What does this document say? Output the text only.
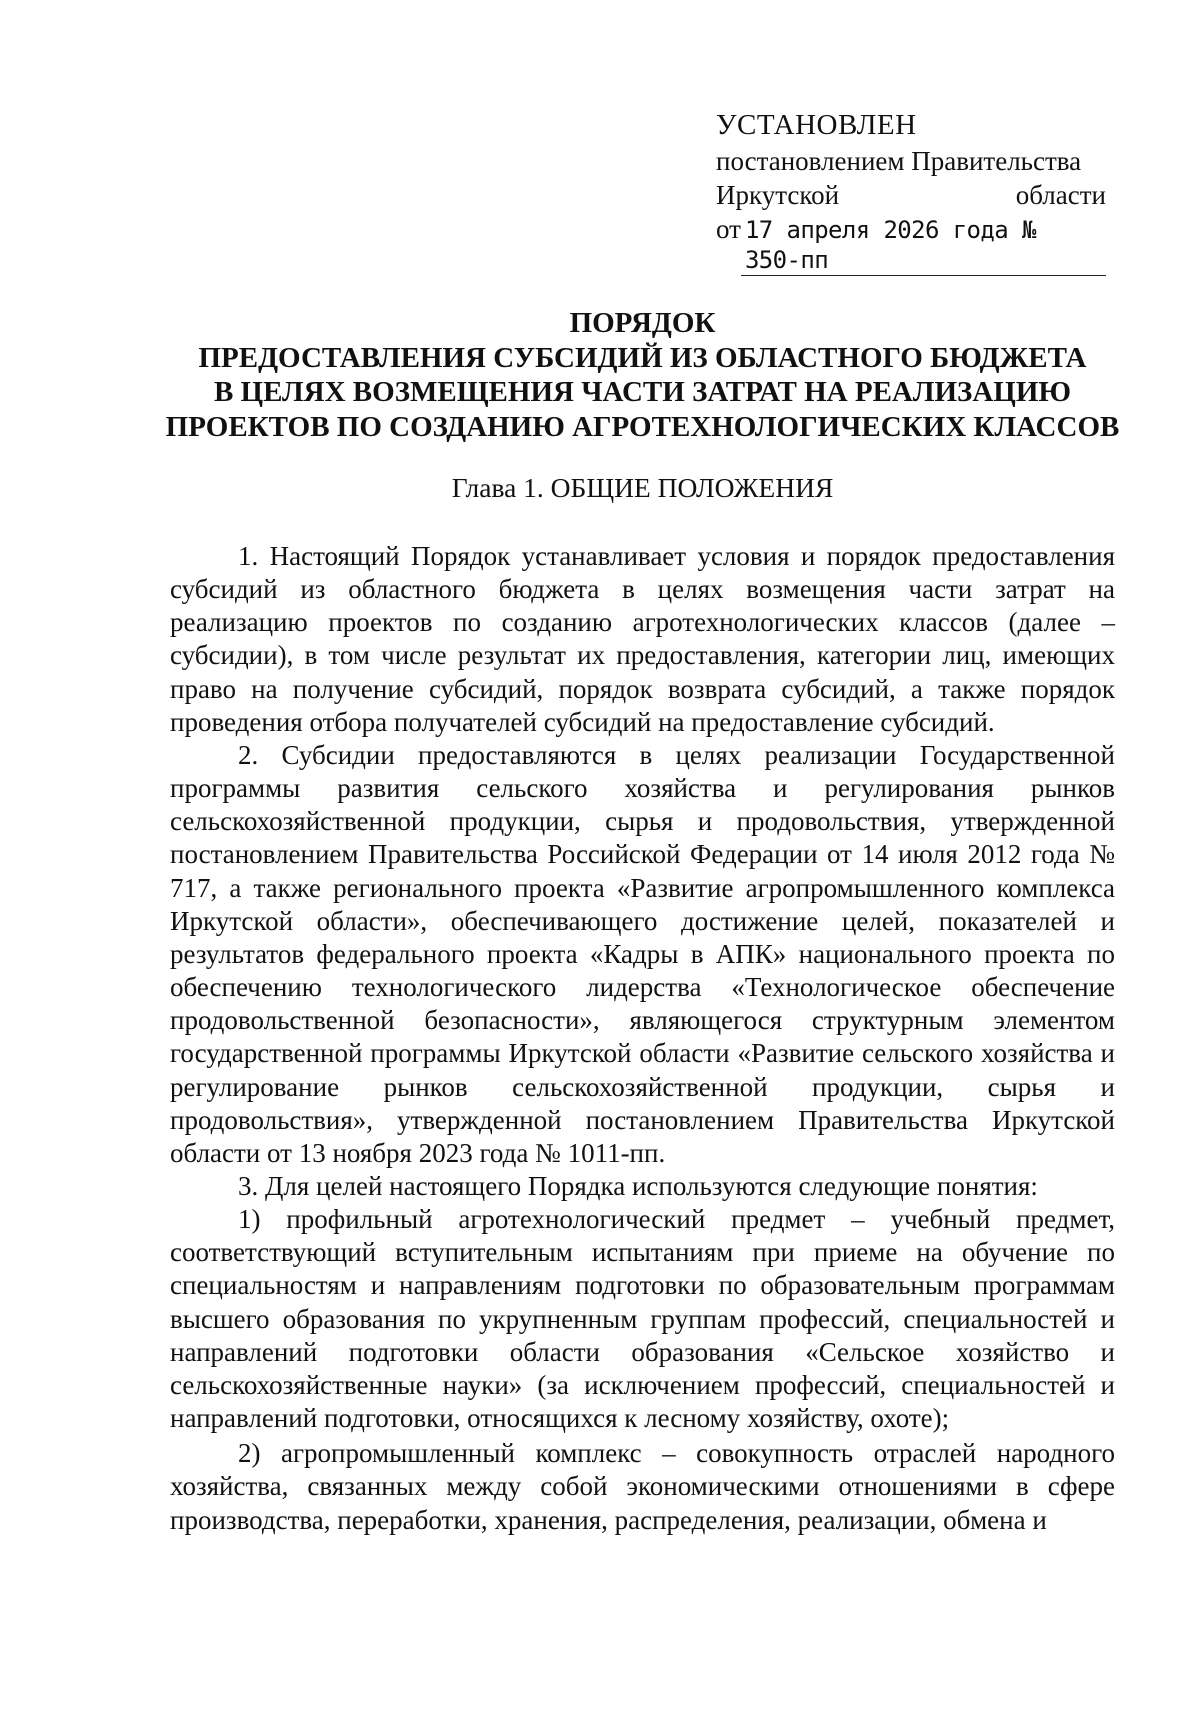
УСТАНОВЛЕН
постановлением Правительства
Иркутской	области
от 17 апреля 2026 года № 350-пп
ПОРЯДОК
ПРЕДОСТАВЛЕНИЯ СУБСИДИЙ ИЗ ОБЛАСТНОГО БЮДЖЕТА
В ЦЕЛЯХ ВОЗМЕЩЕНИЯ ЧАСТИ ЗАТРАТ НА РЕАЛИЗАЦИЮ
ПРОЕКТОВ ПО СОЗДАНИЮ АГРОТЕХНОЛОГИЧЕСКИХ КЛАССОВ
Глава 1. ОБЩИЕ ПОЛОЖЕНИЯ

1. Настоящий Порядок устанавливает условия и порядок предоставления субсидий из областного бюджета в целях возмещения части затрат на реализацию проектов по созданию агротехнологических классов (далее – субсидии), в том числе результат их предоставления, категории лиц, имеющих право на получение субсидий, порядок возврата субсидий, а также порядок проведения отбора получателей субсидий на предоставление субсидий.

2. Субсидии предоставляются в целях реализации Государственной программы развития сельского хозяйства и регулирования рынков сельскохозяйственной продукции, сырья и продовольствия, утвержденной постановлением Правительства Российской Федерации от 14 июля 2012 года № 717, а также регионального проекта «Развитие агропромышленного комплекса Иркутской области», обеспечивающего достижение целей, показателей и результатов федерального проекта «Кадры в АПК» национального проекта по обеспечению технологического лидерства «Технологическое обеспечение продовольственной безопасности», являющегося структурным элементом государственной программы Иркутской области «Развитие сельского хозяйства и регулирование рынков сельскохозяйственной продукции, сырья и продовольствия», утвержденной постановлением Правительства Иркутской области от 13 ноября 2023 года № 1011-пп.

3. Для целей настоящего Порядка используются следующие понятия:

1) профильный агротехнологический предмет – учебный предмет, соответствующий вступительным испытаниям при приеме на обучение по специальностям и направлениям подготовки по образовательным программам высшего образования по укрупненным группам профессий, специальностей и направлений подготовки области образования «Сельское хозяйство и сельскохозяйственные науки» (за исключением профессий, специальностей и направлений подготовки, относящихся к лесному хозяйству, охоте);

2) агропромышленный комплекс – совокупность отраслей народного хозяйства, связанных между собой экономическими отношениями в сфере производства, переработки, хранения, распределения, реализации, обмена и
